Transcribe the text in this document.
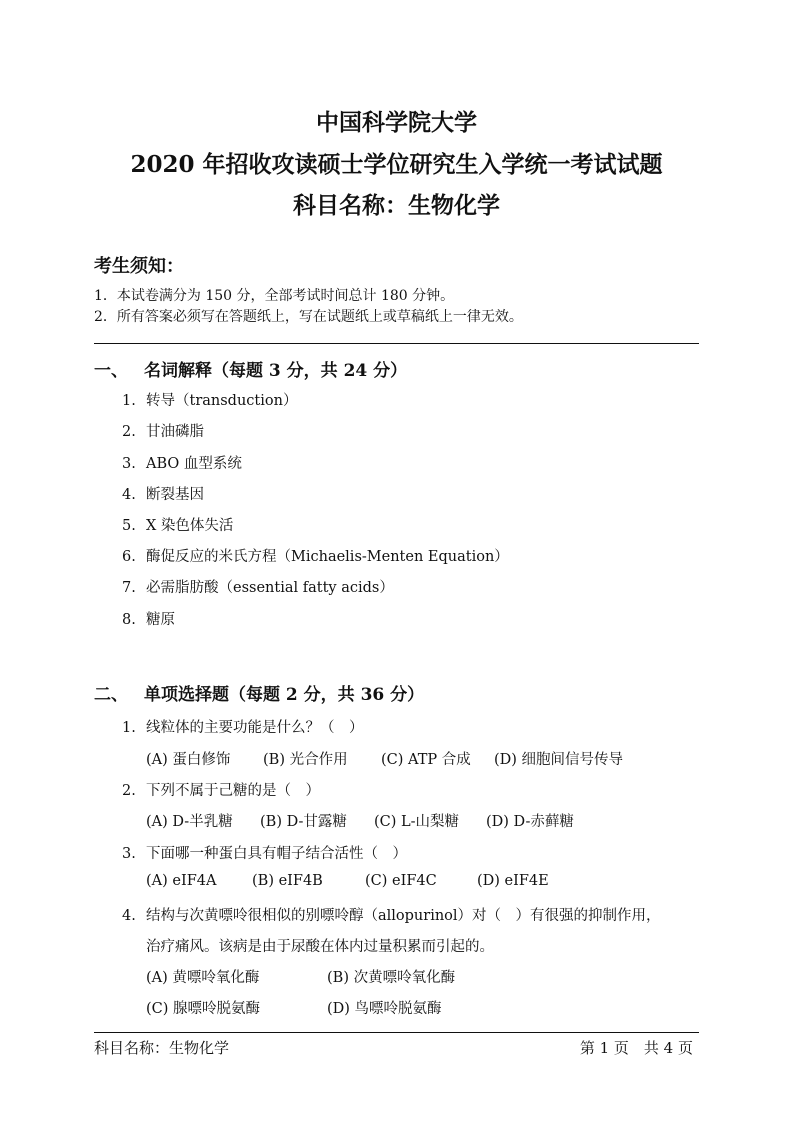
中国科学院大学
2020 年招收攻读硕士学位研究生入学统一考试试题
科目名称：生物化学
考生须知：
1．本试卷满分为 150 分，全部考试时间总计 180 分钟。
2．所有答案必须写在答题纸上，写在试题纸上或草稿纸上一律无效。
一、 名词解释（每题 3 分，共 24 分）
1. 转导（transduction）
2. 甘油磷脂
3. ABO 血型系统
4. 断裂基因
5. X 染色体失活
6. 酶促反应的米氏方程（Michaelis-Menten Equation）
7. 必需脂肪酸（essential fatty acids）
8. 糖原
二、 单项选择题（每题 2 分，共 36 分）
1. 线粒体的主要功能是什么？（　）
(A) 蛋白修饰 (B) 光合作用 (C) ATP 合成 (D) 细胞间信号传导
2. 下列不属于己糖的是（　）
(A) D-半乳糖 (B) D-甘露糖 (C) L-山梨糖 (D) D-赤藓糖
3. 下面哪一种蛋白具有帽子结合活性（　）
(A) eIF4A (B) eIF4B	(C) eIF4C	(D) eIF4E
4. 结构与次黄嘌呤很相似的别嘌呤醇（allopurinol）对（　）有很强的抑制作用，
治疗痛风。该病是由于尿酸在体内过量积累而引起的。
(A) 黄嘌呤氧化酶	(B) 次黄嘌呤氧化酶
(C) 腺嘌呤脱氨酶	(D) 鸟嘌呤脱氨酶
科目名称：生物化学	第 1 页　共 4 页
